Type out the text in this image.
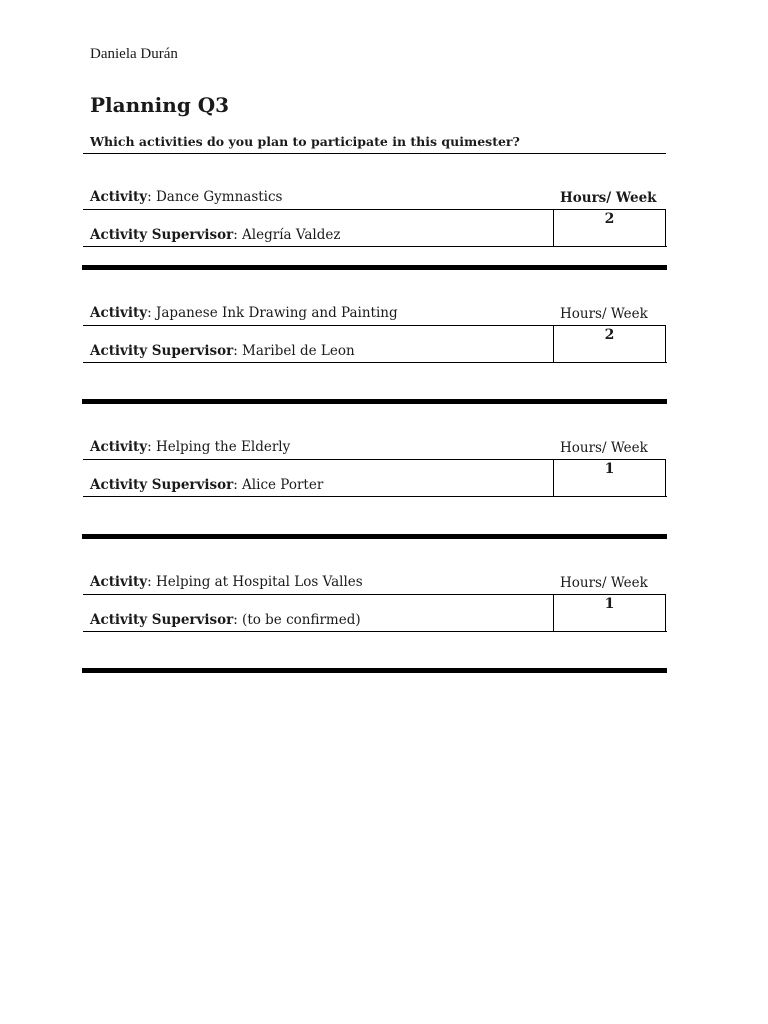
Daniela Durán
Planning Q3
Which activities do you plan to participate in this quimester?
Activity: Dance Gymnastics	Hours/ Week
2
Activity Supervisor: Alegría Valdez
Activity: Japanese Ink Drawing and Painting	Hours/ Week
2
Activity Supervisor: Maribel de Leon
Activity: Helping the Elderly	Hours/ Week
1
Activity Supervisor: Alice Porter
Activity: Helping at Hospital Los Valles	Hours/ Week
1
Activity Supervisor: (to be confirmed)
